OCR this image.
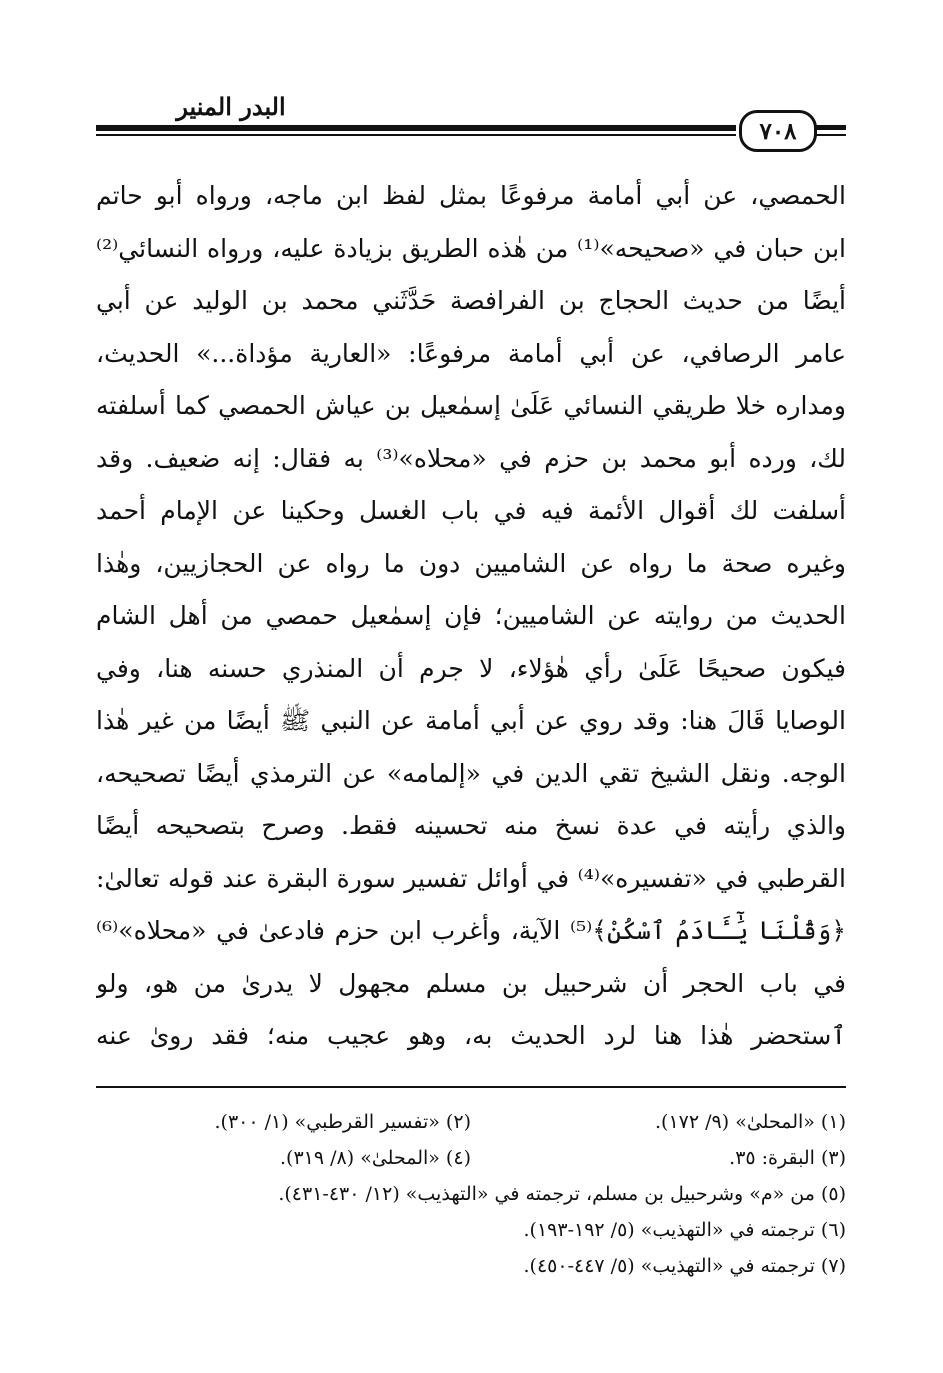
البدر المنير
٧٠٨
الحمصي، عن أبي أمامة مرفوعًا بمثل لفظ ابن ماجه، ورواه أبو حاتم
ابن حبان في «صحيحه»⁽¹⁾ من هٰذه الطريق بزيادة عليه، ورواه النسائي⁽²⁾
أيضًا من حديث الحجاج بن الفرافصة حَدَّثَني محمد بن الوليد عن أبي
عامر الرصافي، عن أبي أمامة مرفوعًا: «العارية مؤداة...» الحديث،
ومداره خلا طريقي النسائي عَلَىٰ إسمٰعيل بن عياش الحمصي كما أسلفته
لك، ورده أبو محمد بن حزم في «محلاه»⁽³⁾ به فقال: إنه ضعيف. وقد
أسلفت لك أقوال الأئمة فيه في باب الغسل وحكينا عن الإمام أحمد
وغيره صحة ما رواه عن الشاميين دون ما رواه عن الحجازيين، وهٰذا
الحديث من روايته عن الشاميين؛ فإن إسمٰعيل حمصي من أهل الشام
فيكون صحيحًا عَلَىٰ رأي هٰؤلاء، لا جرم أن المنذري حسنه هنا، وفي
الوصايا قَالَ هنا: وقد روي عن أبي أمامة عن النبي ﷺ أيضًا من غير هٰذا
الوجه. ونقل الشيخ تقي الدين في «إلمامه» عن الترمذي أيضًا تصحيحه،
والذي رأيته في عدة نسخ منه تحسينه فقط. وصرح بتصحيحه أيضًا
القرطبي في «تفسيره»⁽⁴⁾ في أوائل تفسير سورة البقرة عند قوله تعالىٰ:
﴿وَقُلْنَا يَٰٓـَٔادَمُ ٱسْكُنْ﴾⁽⁵⁾ الآية، وأغرب ابن حزم فادعىٰ في «محلاه»⁽⁶⁾
في باب الحجر أن شرحبيل بن مسلم مجهول لا يدرىٰ من هو، ولو
ٱستحضر هٰذا هنا لرد الحديث به، وهو عجيب منه؛ فقد روىٰ عنه
(١) «المحلىٰ» (٩/ ١٧٢).
(٢) «تفسير القرطبي» (١/ ٣٠٠).
(٣) البقرة: ٣٥.
(٤) «المحلىٰ» (٨/ ٣١٩).
(٥) من «م» وشرحبيل بن مسلم، ترجمته في «التهذيب» (١٢/ ٤٣٠-٤٣١).
(٦) ترجمته في «التهذيب» (٥/ ١٩٢-١٩٣).
(٧) ترجمته في «التهذيب» (٥/ ٤٤٧-٤٥٠).
